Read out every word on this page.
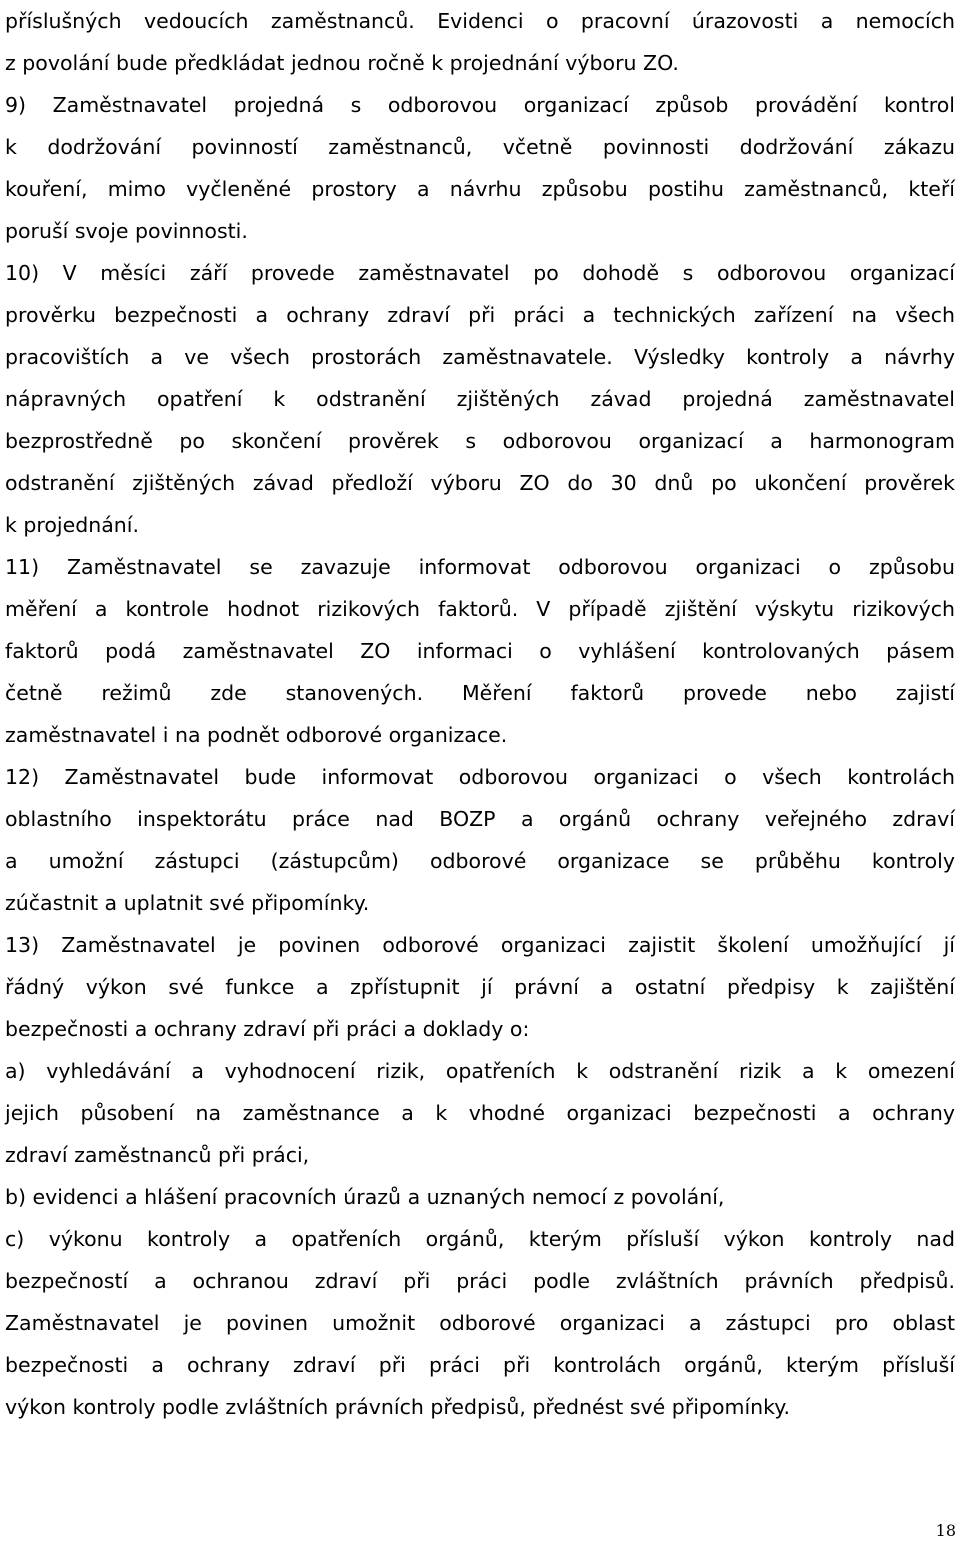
příslušných vedoucích zaměstnanců. Evidenci o pracovní úrazovosti a nemocích
z povolání bude předkládat jednou ročně k projednání výboru ZO.
9) Zaměstnavatel projedná s odborovou organizací způsob provádění kontrol
k dodržování povinností zaměstnanců, včetně povinnosti dodržování zákazu
kouření, mimo vyčleněné prostory a návrhu způsobu postihu zaměstnanců, kteří
poruší svoje povinnosti.
10) V měsíci září provede zaměstnavatel po dohodě s odborovou organizací
prověrku bezpečnosti a ochrany zdraví při práci a technických zařízení na všech
pracovištích a ve všech prostorách zaměstnavatele. Výsledky kontroly a návrhy
nápravných opatření k odstranění zjištěných závad projedná zaměstnavatel
bezprostředně po skončení prověrek s odborovou organizací a harmonogram
odstranění zjištěných závad předloží výboru ZO do 30 dnů po ukončení prověrek
k projednání.
11) Zaměstnavatel se zavazuje informovat odborovou organizaci o způsobu
měření a kontrole hodnot rizikových faktorů. V případě zjištění výskytu rizikových
faktorů podá zaměstnavatel ZO informaci o vyhlášení kontrolovaných pásem
četně režimů zde stanovených. Měření faktorů provede nebo zajistí
zaměstnavatel i na podnět odborové organizace.
12) Zaměstnavatel bude informovat odborovou organizaci o všech kontrolách
oblastního inspektorátu práce nad BOZP a orgánů ochrany veřejného zdraví
a umožní zástupci (zástupcům) odborové organizace se průběhu kontroly
zúčastnit a uplatnit své připomínky.
13) Zaměstnavatel je povinen odborové organizaci zajistit školení umožňující jí
řádný výkon své funkce a zpřístupnit jí právní a ostatní předpisy k zajištění
bezpečnosti a ochrany zdraví při práci a doklady o:
a) vyhledávání a vyhodnocení rizik, opatřeních k odstranění rizik a k omezení
jejich působení na zaměstnance a k vhodné organizaci bezpečnosti a ochrany
zdraví zaměstnanců při práci,
b) evidenci a hlášení pracovních úrazů a uznaných nemocí z povolání,
c) výkonu kontroly a opatřeních orgánů, kterým přísluší výkon kontroly nad
bezpečností a ochranou zdraví při práci podle zvláštních právních předpisů.
Zaměstnavatel je povinen umožnit odborové organizaci a zástupci pro oblast
bezpečnosti a ochrany zdraví při práci při kontrolách orgánů, kterým přísluší
výkon kontroly podle zvláštních právních předpisů, přednést své připomínky.
18
